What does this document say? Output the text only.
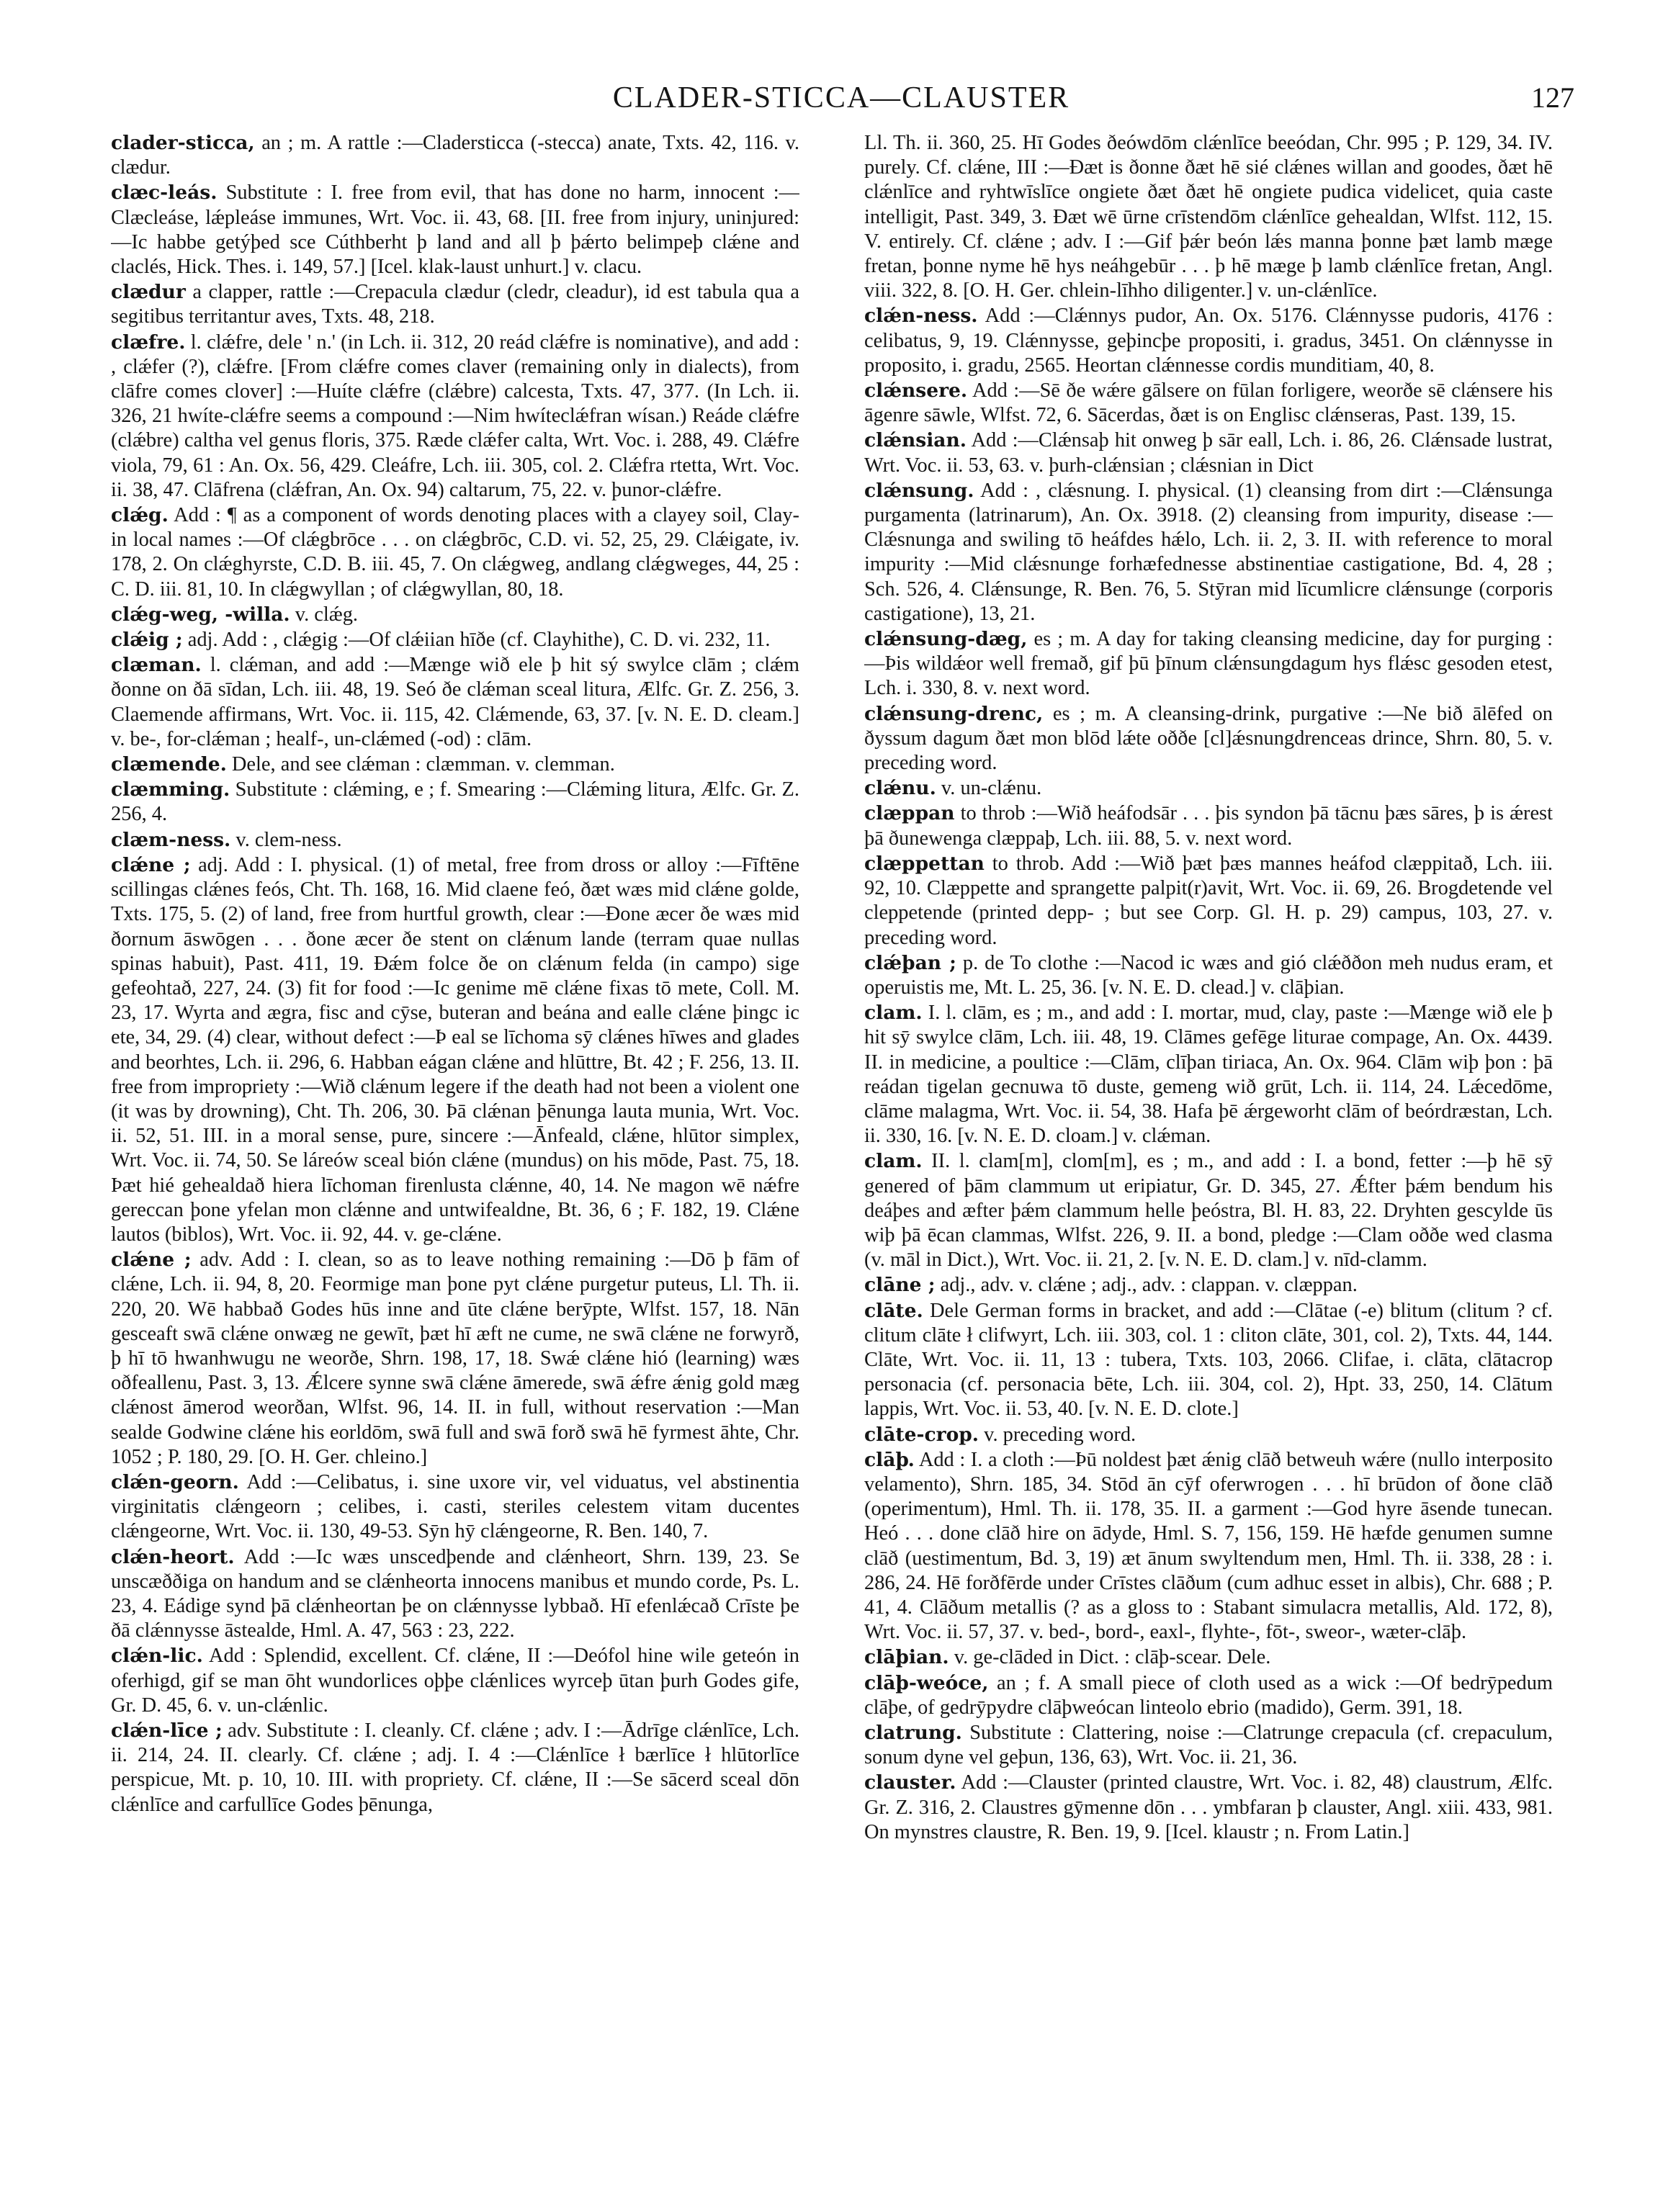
CLADER-STICCA—CLAUSTER	127

clader-sticca, an ; m. A rattle :—Cladersticca (-stecca) anate, Txts. 42, 116. v. clædur.

clæc-leás. Substitute : I. free from evil, that has done no harm, innocent :—Clæcleáse, lǽpleáse immunes, Wrt. Voc. ii. 43, 68. [II. free from injury, uninjured:—Ic habbe getýþed sce Cúthberht þ land and all þ þǽrto belimpeþ clǽne and claclés, Hick. Thes. i. 149, 57.] [Icel. klak-laust unhurt.] v. clacu.

clædur a clapper, rattle :—Crepacula clædur (cledr, cleadur), id est tabula qua a segitibus territantur aves, Txts. 48, 218.

clæfre. l. clǽfre, dele ' n.' (in Lch. ii. 312, 20 reád clǽfre is nominative), and add : , clǽfer (?), clǽfre. [From clǽfre comes claver (remaining only in dialects), from clāfre comes clover] :—Huíte clǽfre (clǽbre) calcesta, Txts. 47, 377. (In Lch. ii. 326, 21 hwíte-clǽfre seems a compound :—Nim hwíteclǽfran wísan.) Reáde clǽfre (clǽbre) caltha vel genus floris, 375. Ræde clǽfer calta, Wrt. Voc. i. 288, 49. Clǽfre viola, 79, 61 : An. Ox. 56, 429. Cleáfre, Lch. iii. 305, col. 2. Clǽfra rtetta, Wrt. Voc. ii. 38, 47. Clāfrena (clǽfran, An. Ox. 94) caltarum, 75, 22. v. þunor-clǽfre.

clǽg. Add : ¶ as a component of words denoting places with a clayey soil, Clay- in local names :—Of clǽgbrōce . . . on clǽgbrōc, C.D. vi. 52, 25, 29. Clǽigate, iv. 178, 2. On clǽghyrste, C.D. B. iii. 45, 7. On clǽgweg, andlang clǽgweges, 44, 25 : C. D. iii. 81, 10. In clǽgwyllan ; of clǽgwyllan, 80, 18.

clǽg-weg, -willa. v. clǽg.

clǽig ; adj. Add : , clǽgig :—Of clǽiian hīðe (cf. Clayhithe), C. D. vi. 232, 11.

clæman. l. clǽman, and add :—Mænge wið ele þ hit sý swylce clām ; clǽm ðonne on ðā sīdan, Lch. iii. 48, 19. Seó ðe clǽman sceal litura, Ælfc. Gr. Z. 256, 3. Claemende affirmans, Wrt. Voc. ii. 115, 42. Clǽmende, 63, 37. [v. N. E. D. cleam.] v. be-, for-clǽman ; healf-, un-clǽmed (-od) : clām.

clæmende. Dele, and see clǽman : clæmman. v. clemman.

clæmming. Substitute : clǽming, e ; f. Smearing :—Clǽming litura, Ælfc. Gr. Z. 256, 4.

clæm-ness. v. clem-ness.

clǽne ; adj. Add : I. physical. (1) of metal, free from dross or alloy :—Fīftēne scillingas clǽnes feós, Cht. Th. 168, 16. Mid claene feó, ðæt wæs mid clǽne golde, Txts. 175, 5. (2) of land, free from hurtful growth, clear :—Ðone æcer ðe wæs mid ðornum āswōgen . . . ðone æcer ðe stent on clǽnum lande (terram quae nullas spinas habuit), Past. 411, 19. Ðǽm folce ðe on clǽnum felda (in campo) sige gefeohtað, 227, 24. (3) fit for food :—Ic genime mē clǽne fixas tō mete, Coll. M. 23, 17. Wyrta and ægra, fisc and cȳse, buteran and beána and ealle clǽne þingc ic ete, 34, 29. (4) clear, without defect :—Þ eal se līchoma sȳ clǽnes hīwes and glades and beorhtes, Lch. ii. 296, 6. Habban eágan clǽne and hlūttre, Bt. 42 ; F. 256, 13. II. free from impropriety :—Wið clǽnum legere if the death had not been a violent one (it was by drowning), Cht. Th. 206, 30. Þā clǽnan þēnunga lauta munia, Wrt. Voc. ii. 52, 51. III. in a moral sense, pure, sincere :—Ānfeald, clǽne, hlūtor simplex, Wrt. Voc. ii. 74, 50. Se láreów sceal bión clǽne (mundus) on his mōde, Past. 75, 18. Þæt hié gehealdað hiera līchoman firenlusta clǽnne, 40, 14. Ne magon wē nǽfre gereccan þone yfelan mon clǽnne and untwifealdne, Bt. 36, 6 ; F. 182, 19. Clǽne lautos (biblos), Wrt. Voc. ii. 92, 44. v. ge-clǽne.

clǽne ; adv. Add : I. clean, so as to leave nothing remaining :—Dō þ fām of clǽne, Lch. ii. 94, 8, 20. Feormige man þone pyt clǽne purgetur puteus, Ll. Th. ii. 220, 20. Wē habbað Godes hūs inne and ūte clǽne berȳpte, Wlfst. 157, 18. Nān gesceaft swā clǽne onwæg ne gewīt, þæt hī æft ne cume, ne swā clǽne ne forwyrð, þ hī tō hwanhwugu ne weorðe, Shrn. 198, 17, 18. Swǽ clǽne hió (learning) wæs oðfeallenu, Past. 3, 13. Ǽlcere synne swā clǽne āmerede, swā ǽfre ǽnig gold mæg clǽnost āmerod weorðan, Wlfst. 96, 14. II. in full, without reservation :—Man sealde Godwine clǽne his eorldōm, swā full and swā forð swā hē fyrmest āhte, Chr. 1052 ; P. 180, 29. [O. H. Ger. chleino.]

clǽn-georn. Add :—Celibatus, i. sine uxore vir, vel viduatus, vel abstinentia virginitatis clǽngeorn ; celibes, i. casti, steriles celestem vitam ducentes clǽngeorne, Wrt. Voc. ii. 130, 49-53. Sȳn hȳ clǽngeorne, R. Ben. 140, 7.

clǽn-heort. Add :—Ic wæs unscedþende and clǽnheort, Shrn. 139, 23. Se unscæððiga on handum and se clǽnheorta innocens manibus et mundo corde, Ps. L. 23, 4. Eádige synd þā clǽnheortan þe on clǽnnysse lybbað. Hī efenlǽcað Crīste þe ðā clǽnnysse āstealde, Hml. A. 47, 563 : 23, 222.

clǽn-lic. Add : Splendid, excellent. Cf. clǽne, II :—Deófol hine wile geteón in oferhigd, gif se man ōht wundorlices oþþe clǽnlices wyrceþ ūtan þurh Godes gife, Gr. D. 45, 6. v. un-clǽnlic.

clǽn-līce ; adv. Substitute : I. cleanly. Cf. clǽne ; adv. I :—Ādrīge clǽnlīce, Lch. ii. 214, 24. II. clearly. Cf. clǽne ; adj. I. 4 :—Clǽnlīce ł bærlīce ł hlūtorlīce perspicue, Mt. p. 10, 10. III. with propriety. Cf. clǽne, II :—Se sācerd sceal dōn clǽnlīce and carfullīce Godes þēnunga,

Ll. Th. ii. 360, 25. Hī Godes ðeówdōm clǽnlīce beeódan, Chr. 995 ; P. 129, 34. IV. purely. Cf. clǽne, III :—Ðæt is ðonne ðæt hē sié clǽnes willan and goodes, ðæt hē clǽnlīce and ryhtwīslīce ongiete ðæt ðæt hē ongiete pudica videlicet, quia caste intelligit, Past. 349, 3. Ðæt wē ūrne crīstendōm clǽnlīce gehealdan, Wlfst. 112, 15. V. entirely. Cf. clǽne ; adv. I :—Gif þǽr beón lǽs manna þonne þæt lamb mæge fretan, þonne nyme hē hys neáhgebūr . . . þ hē mæge þ lamb clǽnlīce fretan, Angl. viii. 322, 8. [O. H. Ger. chlein-līhho diligenter.] v. un-clǽnlīce.

clǽn-ness. Add :—Clǽnnys pudor, An. Ox. 5176. Clǽnnysse pudoris, 4176 : celibatus, 9, 19. Clǽnnysse, geþincþe propositi, i. gradus, 3451. On clǽnnysse in proposito, i. gradu, 2565. Heortan clǽnnesse cordis munditiam, 40, 8.

clǽnsere. Add :—Sē ðe wǽre gālsere on fūlan forligere, weorðe sē clǽnsere his āgenre sāwle, Wlfst. 72, 6. Sācerdas, ðæt is on Englisc clǽnseras, Past. 139, 15.

clǽnsian. Add :—Clǽnsaþ hit onweg þ sār eall, Lch. i. 86, 26. Clǽnsade lustrat, Wrt. Voc. ii. 53, 63. v. þurh-clǽnsian ; clǽsnian in Dict

clǽnsung. Add : , clǽsnung. I. physical. (1) cleansing from dirt :—Clǽnsunga purgamenta (latrinarum), An. Ox. 3918. (2) cleansing from impurity, disease :—Clǽsnunga and swiling tō heáfdes hǽlo, Lch. ii. 2, 3. II. with reference to moral impurity :—Mid clǽsnunge forhæfednesse abstinentiae castigatione, Bd. 4, 28 ; Sch. 526, 4. Clǽnsunge, R. Ben. 76, 5. Stȳran mid līcumlicre clǽnsunge (corporis castigatione), 13, 21.

clǽnsung-dæg, es ; m. A day for taking cleansing medicine, day for purging :—Þis wildǽor well fremað, gif þū þīnum clǽnsungdagum hys flǽsc gesoden etest, Lch. i. 330, 8. v. next word.

clǽnsung-drenc, es ; m. A cleansing-drink, purgative :—Ne bið ālēfed on ðyssum dagum ðæt mon blōd lǽte oððe [cl]ǽsnungdrenceas drince, Shrn. 80, 5. v. preceding word.

clǽnu. v. un-clǽnu.

clæppan to throb :—Wið heáfodsār . . . þis syndon þā tācnu þæs sāres, þ is ǽrest þā ðunewenga clæppaþ, Lch. iii. 88, 5. v. next word.

clæppettan to throb. Add :—Wið þæt þæs mannes heáfod clæppitað, Lch. iii. 92, 10. Clæppette and sprangette palpit(r)avit, Wrt. Voc. ii. 69, 26. Brogdetende vel cleppetende (printed depp- ; but see Corp. Gl. H. p. 29) campus, 103, 27. v. preceding word.

clǽþan ; p. de To clothe :—Nacod ic wæs and gió clǽððon meh nudus eram, et operuistis me, Mt. L. 25, 36. [v. N. E. D. clead.] v. clāþian.

clam. I. l. clām, es ; m., and add : I. mortar, mud, clay, paste :—Mænge wið ele þ hit sȳ swylce clām, Lch. iii. 48, 19. Clāmes gefēge liturae compage, An. Ox. 4439. II. in medicine, a poultice :—Clām, clīþan tiriaca, An. Ox. 964. Clām wiþ þon : þā reádan tigelan gecnuwa tō duste, gemeng wið grūt, Lch. ii. 114, 24. Lǽcedōme, clāme malagma, Wrt. Voc. ii. 54, 38. Hafa þē ǽrgeworht clām of beórdræstan, Lch. ii. 330, 16. [v. N. E. D. cloam.] v. clǽman.

clam. II. l. clam[m], clom[m], es ; m., and add : I. a bond, fetter :—þ hē sȳ genered of þām clammum ut eripiatur, Gr. D. 345, 27. Ǽfter þǽm bendum his deáþes and æfter þǽm clammum helle þeóstra, Bl. H. 83, 22. Dryhten gescylde ūs wiþ þā ēcan clammas, Wlfst. 226, 9. II. a bond, pledge :—Clam oððe wed clasma (v. māl in Dict.), Wrt. Voc. ii. 21, 2. [v. N. E. D. clam.] v. nīd-clamm.

clāne ; adj., adv. v. clǽne ; adj., adv. : clappan. v. clæppan.

clāte. Dele German forms in bracket, and add :—Clātae (-e) blitum (clitum ? cf. clitum clāte ł clifwyrt, Lch. iii. 303, col. 1 : cliton clāte, 301, col. 2), Txts. 44, 144. Clāte, Wrt. Voc. ii. 11, 13 : tubera, Txts. 103, 2066. Clifae, i. clāta, clātacrop personacia (cf. personacia bēte, Lch. iii. 304, col. 2), Hpt. 33, 250, 14. Clātum lappis, Wrt. Voc. ii. 53, 40. [v. N. E. D. clote.]

clāte-crop. v. preceding word.

clāþ. Add : I. a cloth :—Þū noldest þæt ǽnig clāð betweuh wǽre (nullo interposito velamento), Shrn. 185, 34. Stōd ān cȳf oferwrogen . . . hī brūdon of ðone clāð (operimentum), Hml. Th. ii. 178, 35. II. a garment :—God hyre āsende tunecan. Heó . . . done clāð hire on ādyde, Hml. S. 7, 156, 159. Hē hæfde genumen sumne clāð (uestimentum, Bd. 3, 19) æt ānum swyltendum men, Hml. Th. ii. 338, 28 : i. 286, 24. Hē forðfērde under Crīstes clāðum (cum adhuc esset in albis), Chr. 688 ; P. 41, 4. Clāðum metallis (? as a gloss to : Stabant simulacra metallis, Ald. 172, 8), Wrt. Voc. ii. 57, 37. v. bed-, bord-, eaxl-, flyhte-, fōt-, sweor-, wæter-clāþ.

clāþian. v. ge-clāded in Dict. : clāþ-scear. Dele.

clāþ-weóce, an ; f. A small piece of cloth used as a wick :—Of bedrȳpedum clāþe, of gedrȳpydre clāþweócan linteolo ebrio (madido), Germ. 391, 18.

clatrung. Substitute : Clattering, noise :—Clatrunge crepacula (cf. crepaculum, sonum dyne vel geþun, 136, 63), Wrt. Voc. ii. 21, 36.

clauster. Add :—Clauster (printed claustre, Wrt. Voc. i. 82, 48) claustrum, Ælfc. Gr. Z. 316, 2. Claustres gȳmenne dōn . . . ymbfaran þ clauster, Angl. xiii. 433, 981. On mynstres claustre, R. Ben. 19, 9. [Icel. klaustr ; n. From Latin.]
